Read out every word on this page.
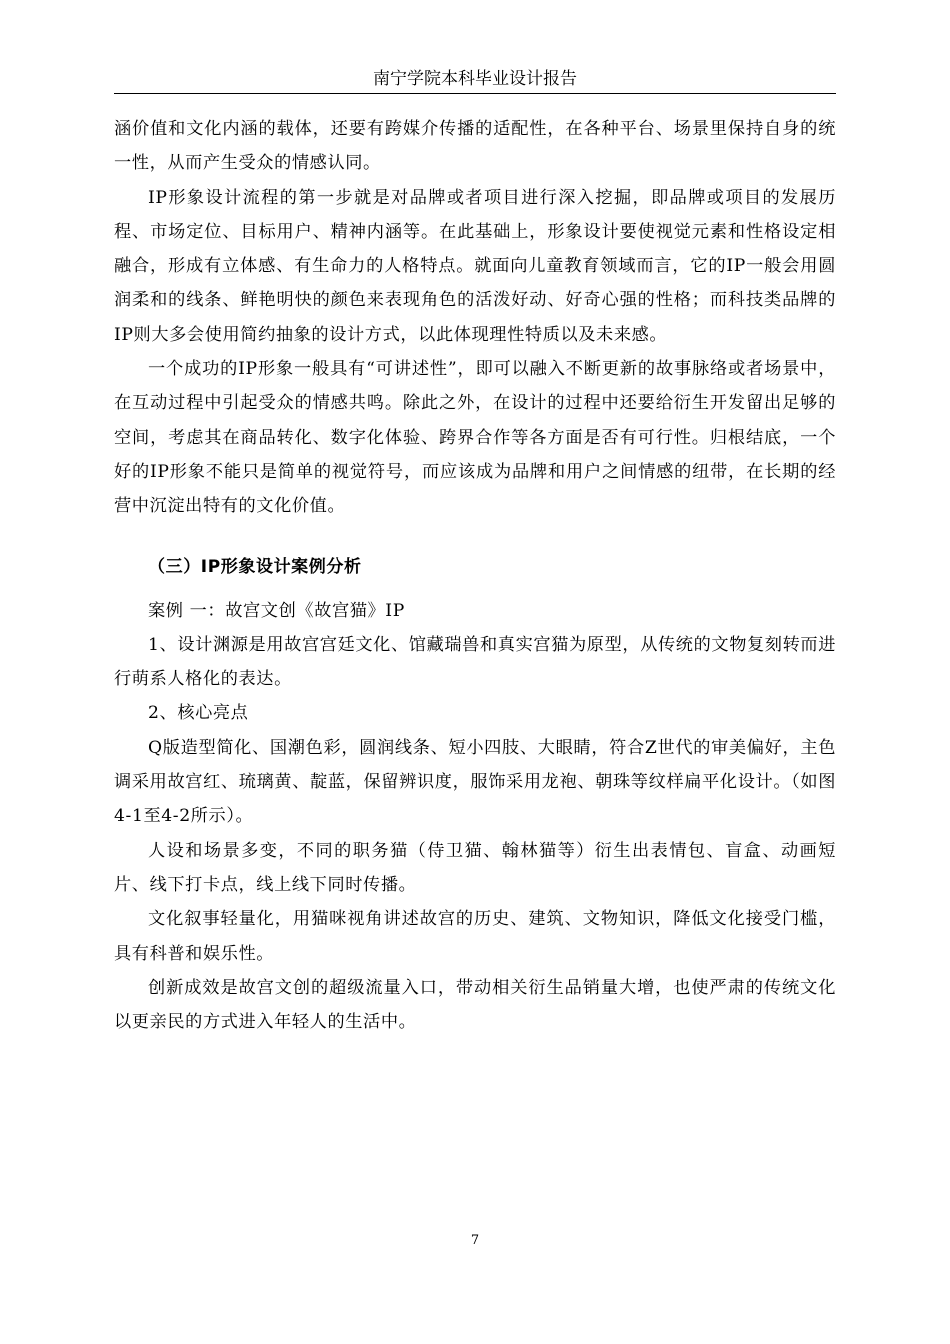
南宁学院本科毕业设计报告

涵价值和文化内涵的载体，还要有跨媒介传播的适配性，在各种平台、场景里保持自身的统一性，从而产生受众的情感认同。

IP形象设计流程的第一步就是对品牌或者项目进行深入挖掘，即品牌或项目的发展历程、市场定位、目标用户、精神内涵等。在此基础上，形象设计要使视觉元素和性格设定相融合，形成有立体感、有生命力的人格特点。就面向儿童教育领域而言，它的IP一般会用圆润柔和的线条、鲜艳明快的颜色来表现角色的活泼好动、好奇心强的性格；而科技类品牌的IP则大多会使用简约抽象的设计方式，以此体现理性特质以及未来感。

一个成功的IP形象一般具有“可讲述性”，即可以融入不断更新的故事脉络或者场景中，在互动过程中引起受众的情感共鸣。除此之外，在设计的过程中还要给衍生开发留出足够的空间，考虑其在商品转化、数字化体验、跨界合作等各方面是否有可行性。归根结底，一个好的IP形象不能只是简单的视觉符号，而应该成为品牌和用户之间情感的纽带，在长期的经营中沉淀出特有的文化价值。

（三）IP形象设计案例分析

案例 一：故宫文创《故宫猫》IP

1、设计渊源是用故宫宫廷文化、馆藏瑞兽和真实宫猫为原型，从传统的文物复刻转而进行萌系人格化的表达。

2、核心亮点

Q版造型简化、国潮色彩，圆润线条、短小四肢、大眼睛，符合Z世代的审美偏好，主色调采用故宫红、琉璃黄、靛蓝，保留辨识度，服饰采用龙袍、朝珠等纹样扁平化设计。（如图4-1至4-2所示）。

人设和场景多变，不同的职务猫（侍卫猫、翰林猫等）衍生出表情包、盲盒、动画短片、线下打卡点，线上线下同时传播。

文化叙事轻量化，用猫咪视角讲述故宫的历史、建筑、文物知识，降低文化接受门槛，具有科普和娱乐性。

创新成效是故宫文创的超级流量入口，带动相关衍生品销量大增，也使严肃的传统文化以更亲民的方式进入年轻人的生活中。

7
